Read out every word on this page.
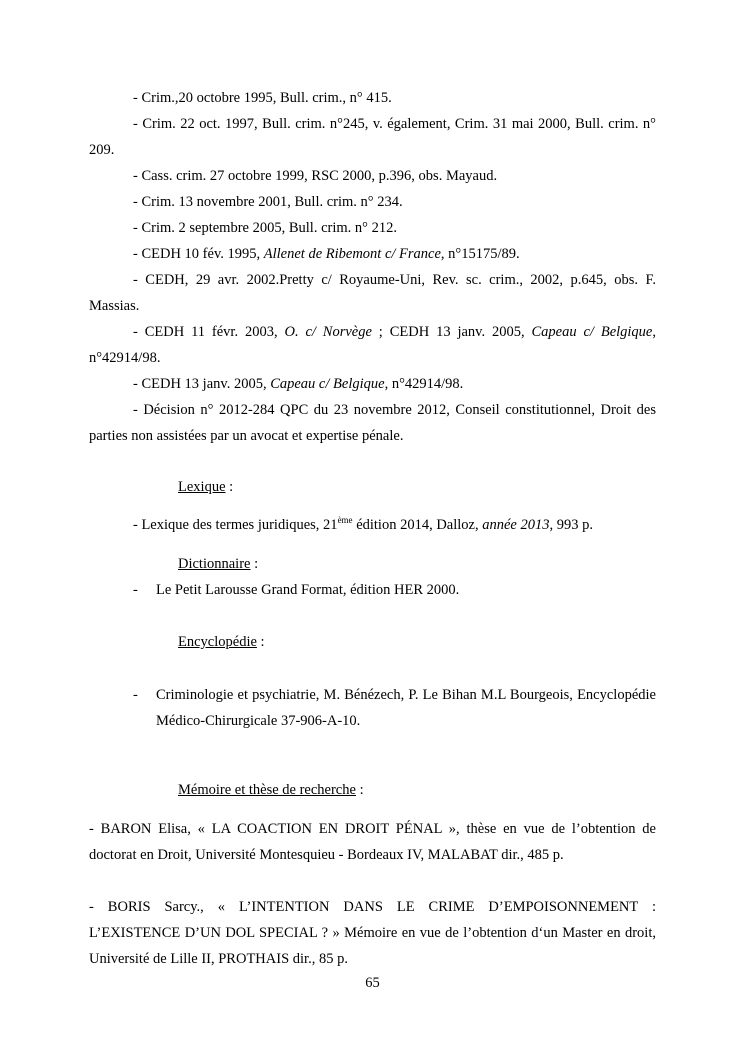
- Crim.,20 octobre 1995, Bull. crim., n° 415.

- Crim. 22 oct. 1997, Bull. crim. n°245, v. également, Crim. 31 mai 2000, Bull. crim. n° 209.

- Cass. crim. 27 octobre 1999, RSC 2000, p.396, obs. Mayaud.

- Crim. 13 novembre 2001, Bull. crim. n° 234.

- Crim. 2 septembre 2005, Bull. crim. n° 212.

- CEDH 10 fév. 1995, Allenet de Ribemont c/ France, n°15175/89.

- CEDH, 29 avr. 2002.Pretty c/ Royaume-Uni, Rev. sc. crim., 2002, p.645, obs. F. Massias.

- CEDH 11 févr. 2003, O. c/ Norvège ; CEDH 13 janv. 2005, Capeau c/ Belgique, n°42914/98.

- CEDH 13 janv. 2005, Capeau c/ Belgique, n°42914/98.

- Décision n° 2012-284 QPC du 23 novembre 2012, Conseil constitutionnel, Droit des parties non assistées par un avocat et expertise pénale.

Lexique :

- Lexique des termes juridiques, 21ème édition 2014, Dalloz, année 2013, 993 p.

Dictionnaire :

- Le Petit Larousse Grand Format, édition HER 2000.

Encyclopédie :

- Criminologie et psychiatrie, M. Bénézech, P. Le Bihan M.L Bourgeois, Encyclopédie Médico-Chirurgicale 37-906-A-10.

Mémoire et thèse de recherche :

- BARON Elisa, « LA COACTION EN DROIT PÉNAL », thèse en vue de l’obtention de doctorat en Droit, Université Montesquieu - Bordeaux IV, MALABAT dir., 485 p.

- BORIS Sarcy., « L’INTENTION DANS LE CRIME D’EMPOISONNEMENT : L’EXISTENCE D’UN DOL SPECIAL ? » Mémoire en vue de l’obtention d‘un Master en droit, Université de Lille II, PROTHAIS dir., 85 p.

65
